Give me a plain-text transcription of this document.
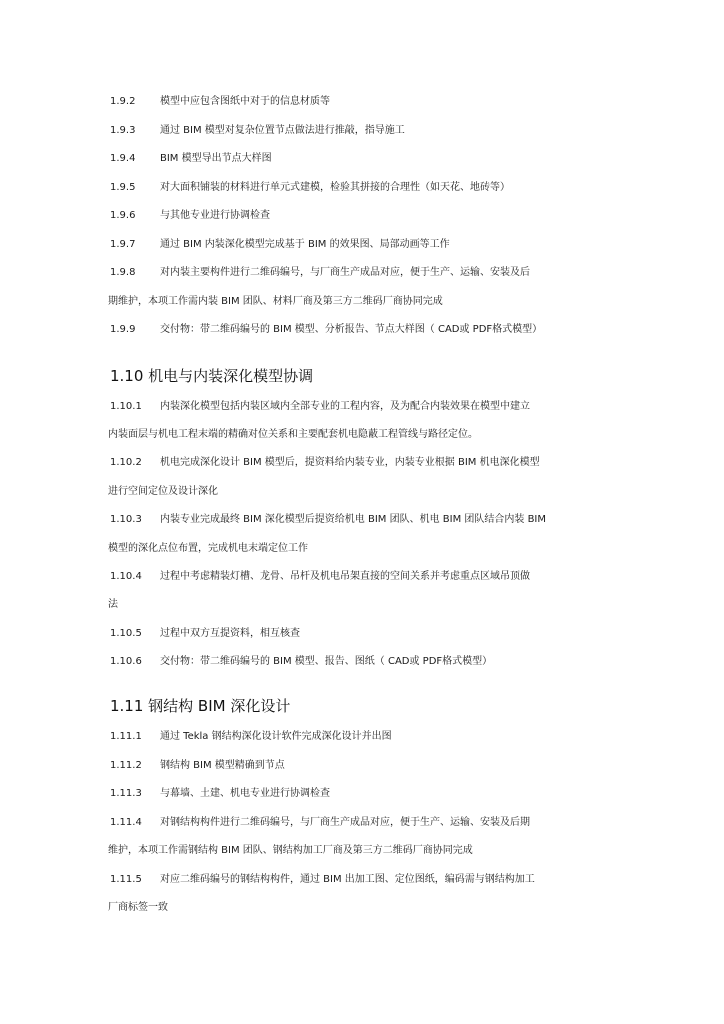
1.9.2 模型中应包含图纸中对于的信息材质等
1.9.3 通过 BIM 模型对复杂位置节点做法进行推敲，指导施工
1.9.4 BIM 模型导出节点大样图
1.9.5 对大面积铺装的材料进行单元式建模，检验其拼接的合理性（如天花、地砖等）
1.9.6 与其他专业进行协调检查
1.9.7 通过 BIM 内装深化模型完成基于 BIM 的效果图、局部动画等工作
1.9.8 对内装主要构件进行二维码编号，与厂商生产成品对应，便于生产、运输、安装及后
期维护，本项工作需内装 BIM 团队、材料厂商及第三方二维码厂商协同完成
1.9.9 交付物：带二维码编号的 BIM 模型、分析报告、节点大样图（ CAD或 PDF格式模型）
1.10 机电与内装深化模型协调
1.10.1 内装深化模型包括内装区域内全部专业的工程内容，及为配合内装效果在模型中建立
内装面层与机电工程末端的精确对位关系和主要配套机电隐蔽工程管线与路径定位。
1.10.2 机电完成深化设计 BIM 模型后，提资料给内装专业，内装专业根据 BIM 机电深化模型
进行空间定位及设计深化
1.10.3 内装专业完成最终 BIM 深化模型后提资给机电 BIM 团队、机电 BIM 团队结合内装 BIM
模型的深化点位布置，完成机电末端定位工作
1.10.4 过程中考虑精装灯槽、龙骨、吊杆及机电吊架直接的空间关系并考虑重点区域吊顶做
法
1.10.5 过程中双方互提资料，相互核查
1.10.6 交付物：带二维码编号的 BIM 模型、报告、图纸（ CAD或 PDF格式模型）
1.11 钢结构 BIM 深化设计
1.11.1 通过 Tekla 钢结构深化设计软件完成深化设计并出图
1.11.2 钢结构 BIM 模型精确到节点
1.11.3 与幕墙、土建、机电专业进行协调检查
1.11.4 对钢结构构件进行二维码编号，与厂商生产成品对应，便于生产、运输、安装及后期
维护，本项工作需钢结构 BIM 团队、钢结构加工厂商及第三方二维码厂商协同完成
1.11.5 对应二维码编号的钢结构构件，通过 BIM 出加工图、定位图纸，编码需与钢结构加工
厂商标签一致
